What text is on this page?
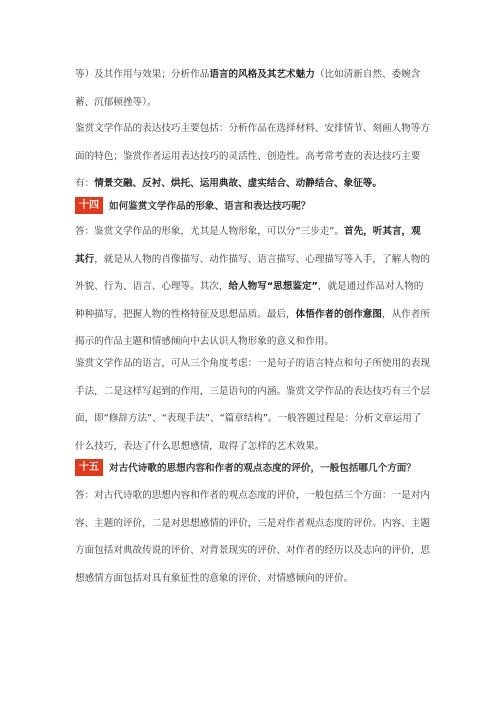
等）及其作用与效果；分析作品语言的风格及其艺术魅力（比如清新自然、委婉含蓄、沉郁顿挫等）。

鉴赏文学作品的表达技巧主要包括：分析作品在选择材料、安排情节、刻画人物等方面的特色；鉴赏作者运用表达技巧的灵活性、创造性。高考常考查的表达技巧主要有：情景交融、反衬、烘托、运用典故、虚实结合、动静结合、象征等。

十四	如何鉴赏文学作品的形象、语言和表达技巧呢？

答：鉴赏文学作品的形象，尤其是人物形象，可以分“三步走”。首先，听其言，观其行，就是从人物的肖像描写、动作描写、语言描写、心理描写等入手，了解人物的外貌、行为、语言、心理等。其次，给人物写“思想鉴定”，就是通过作品对人物的种种描写，把握人物的性格特征及思想品质。最后，体悟作者的创作意图，从作者所揭示的作品主题和情感倾向中去认识人物形象的意义和作用。

鉴赏文学作品的语言，可从三个角度考虑：一是句子的语言特点和句子所使用的表现手法，二是这样写起到的作用，三是语句的内涵。鉴赏文学作品的表达技巧有三个层面，即“修辞方法”、“表现手法”、“篇章结构”。一般答题过程是：分析文章运用了什么技巧，表达了什么思想感情，取得了怎样的艺术效果。

十五	对古代诗歌的思想内容和作者的观点态度的评价，一般包括哪几个方面？

答：对古代诗歌的思想内容和作者的观点态度的评价，一般包括三个方面：一是对内容、主题的评价，二是对思想感情的评价，三是对作者观点态度的评价。内容、主题方面包括对典故传说的评价、对背景现实的评价、对作者的经历以及志向的评价，思想感情方面包括对具有象征性的意象的评价、对情感倾向的评价。
